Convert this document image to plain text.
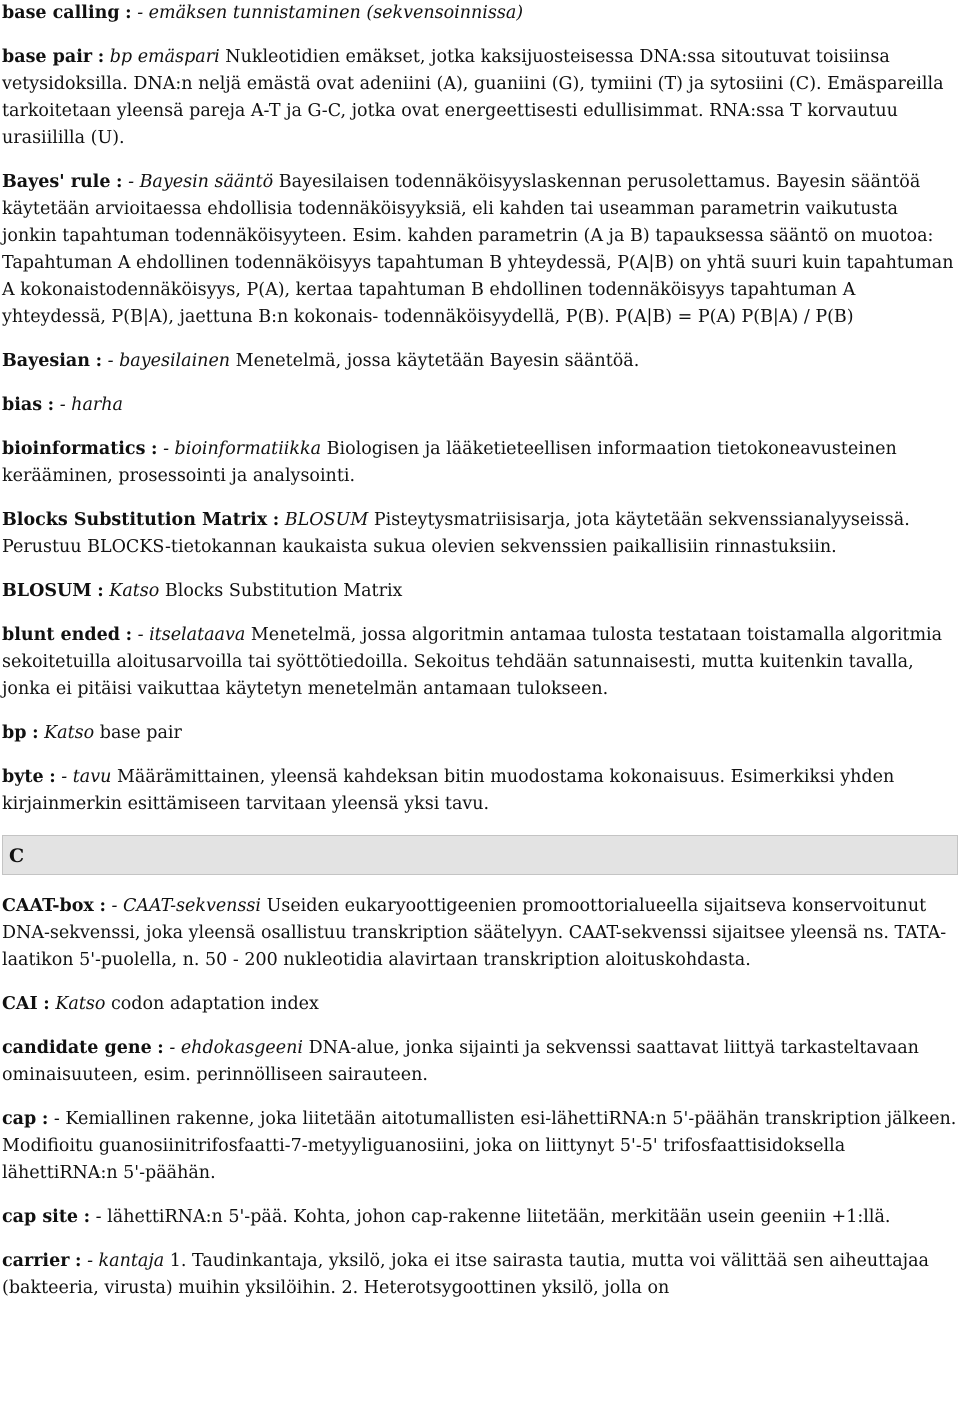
base calling : - emäksen tunnistaminen (sekvensoinnissa)
base pair : bp emäspari Nukleotidien emäkset, jotka kaksijuosteisessa DNA:ssa sitoutuvat toisiinsa vetysidoksilla. DNA:n neljä emästä ovat adeniini (A), guaniini (G), tymiini (T) ja sytosiini (C). Emäspareilla tarkoitetaan yleensä pareja A-T ja G-C, jotka ovat energeettisesti edullisimmat. RNA:ssa T korvautuu urasiililla (U).
Bayes' rule : - Bayesin sääntö Bayesilaisen todennäköisyyslaskennan perusolettamus. Bayesin sääntöä käytetään arvioitaessa ehdollisia todennäköisyyksiä, eli kahden tai useamman parametrin vaikutusta jonkin tapahtuman todennäköisyyteen. Esim. kahden parametrin (A ja B) tapauksessa sääntö on muotoa: Tapahtuman A ehdollinen todennäköisyys tapahtuman B yhteydessä, P(A|B) on yhtä suuri kuin tapahtuman A kokonaistodennäköisyys, P(A), kertaa tapahtuman B ehdollinen todennäköisyys tapahtuman A yhteydessä, P(B|A), jaettuna B:n kokonais- todennäköisyydellä, P(B). P(A|B) = P(A) P(B|A) / P(B)
Bayesian : - bayesilainen Menetelmä, jossa käytetään Bayesin sääntöä.
bias : - harha
bioinformatics : - bioinformatiikka Biologisen ja lääketieteellisen informaation tietokoneavusteinen kerääminen, prosessointi ja analysointi.
Blocks Substitution Matrix : BLOSUM Pisteytysmatriisisarja, jota käytetään sekvenssianalyyseissä. Perustuu BLOCKS-tietokannan kaukaista sukua olevien sekvenssien paikallisiin rinnastuksiin.
BLOSUM : Katso Blocks Substitution Matrix
blunt ended : - itselataava Menetelmä, jossa algoritmin antamaa tulosta testataan toistamalla algoritmia sekoitetuilla aloitusarvoilla tai syöttötiedoilla. Sekoitus tehdään satunnaisesti, mutta kuitenkin tavalla, jonka ei pitäisi vaikuttaa käytetyn menetelmän antamaan tulokseen.
bp : Katso base pair
byte : - tavu Määrämittainen, yleensä kahdeksan bitin muodostama kokonaisuus. Esimerkiksi yhden kirjainmerkin esittämiseen tarvitaan yleensä yksi tavu.
C
CAAT-box : - CAAT-sekvenssi Useiden eukaryoottigeenien promoottorialueella sijaitseva konservoitunut DNA-sekvenssi, joka yleensä osallistuu transkription säätelyyn. CAAT-sekvenssi sijaitsee yleensä ns. TATA-laatikon 5'-puolella, n. 50 - 200 nukleotidia alavirtaan transkription aloituskohdasta.
CAI : Katso codon adaptation index
candidate gene : - ehdokasgeeni DNA-alue, jonka sijainti ja sekvenssi saattavat liittyä tarkasteltavaan ominaisuuteen, esim. perinnölliseen sairauteen.
cap : - Kemiallinen rakenne, joka liitetään aitotumallisten esi-lähettiRNA:n 5'-päähän transkription jälkeen. Modifioitu guanosiinitrifosfaatti-7-metyyliguanosiini, joka on liittynyt 5'-5' trifosfaattisidoksella lähettiRNA:n 5'-päähän.
cap site : - lähettiRNA:n 5'-pää. Kohta, johon cap-rakenne liitetään, merkitään usein geeniin +1:llä.
carrier : - kantaja 1. Taudinkantaja, yksilö, joka ei itse sairasta tautia, mutta voi välittää sen aiheuttajaa (bakteeria, virusta) muihin yksilöihin. 2. Heterotsygoottinen yksilö, jolla on
